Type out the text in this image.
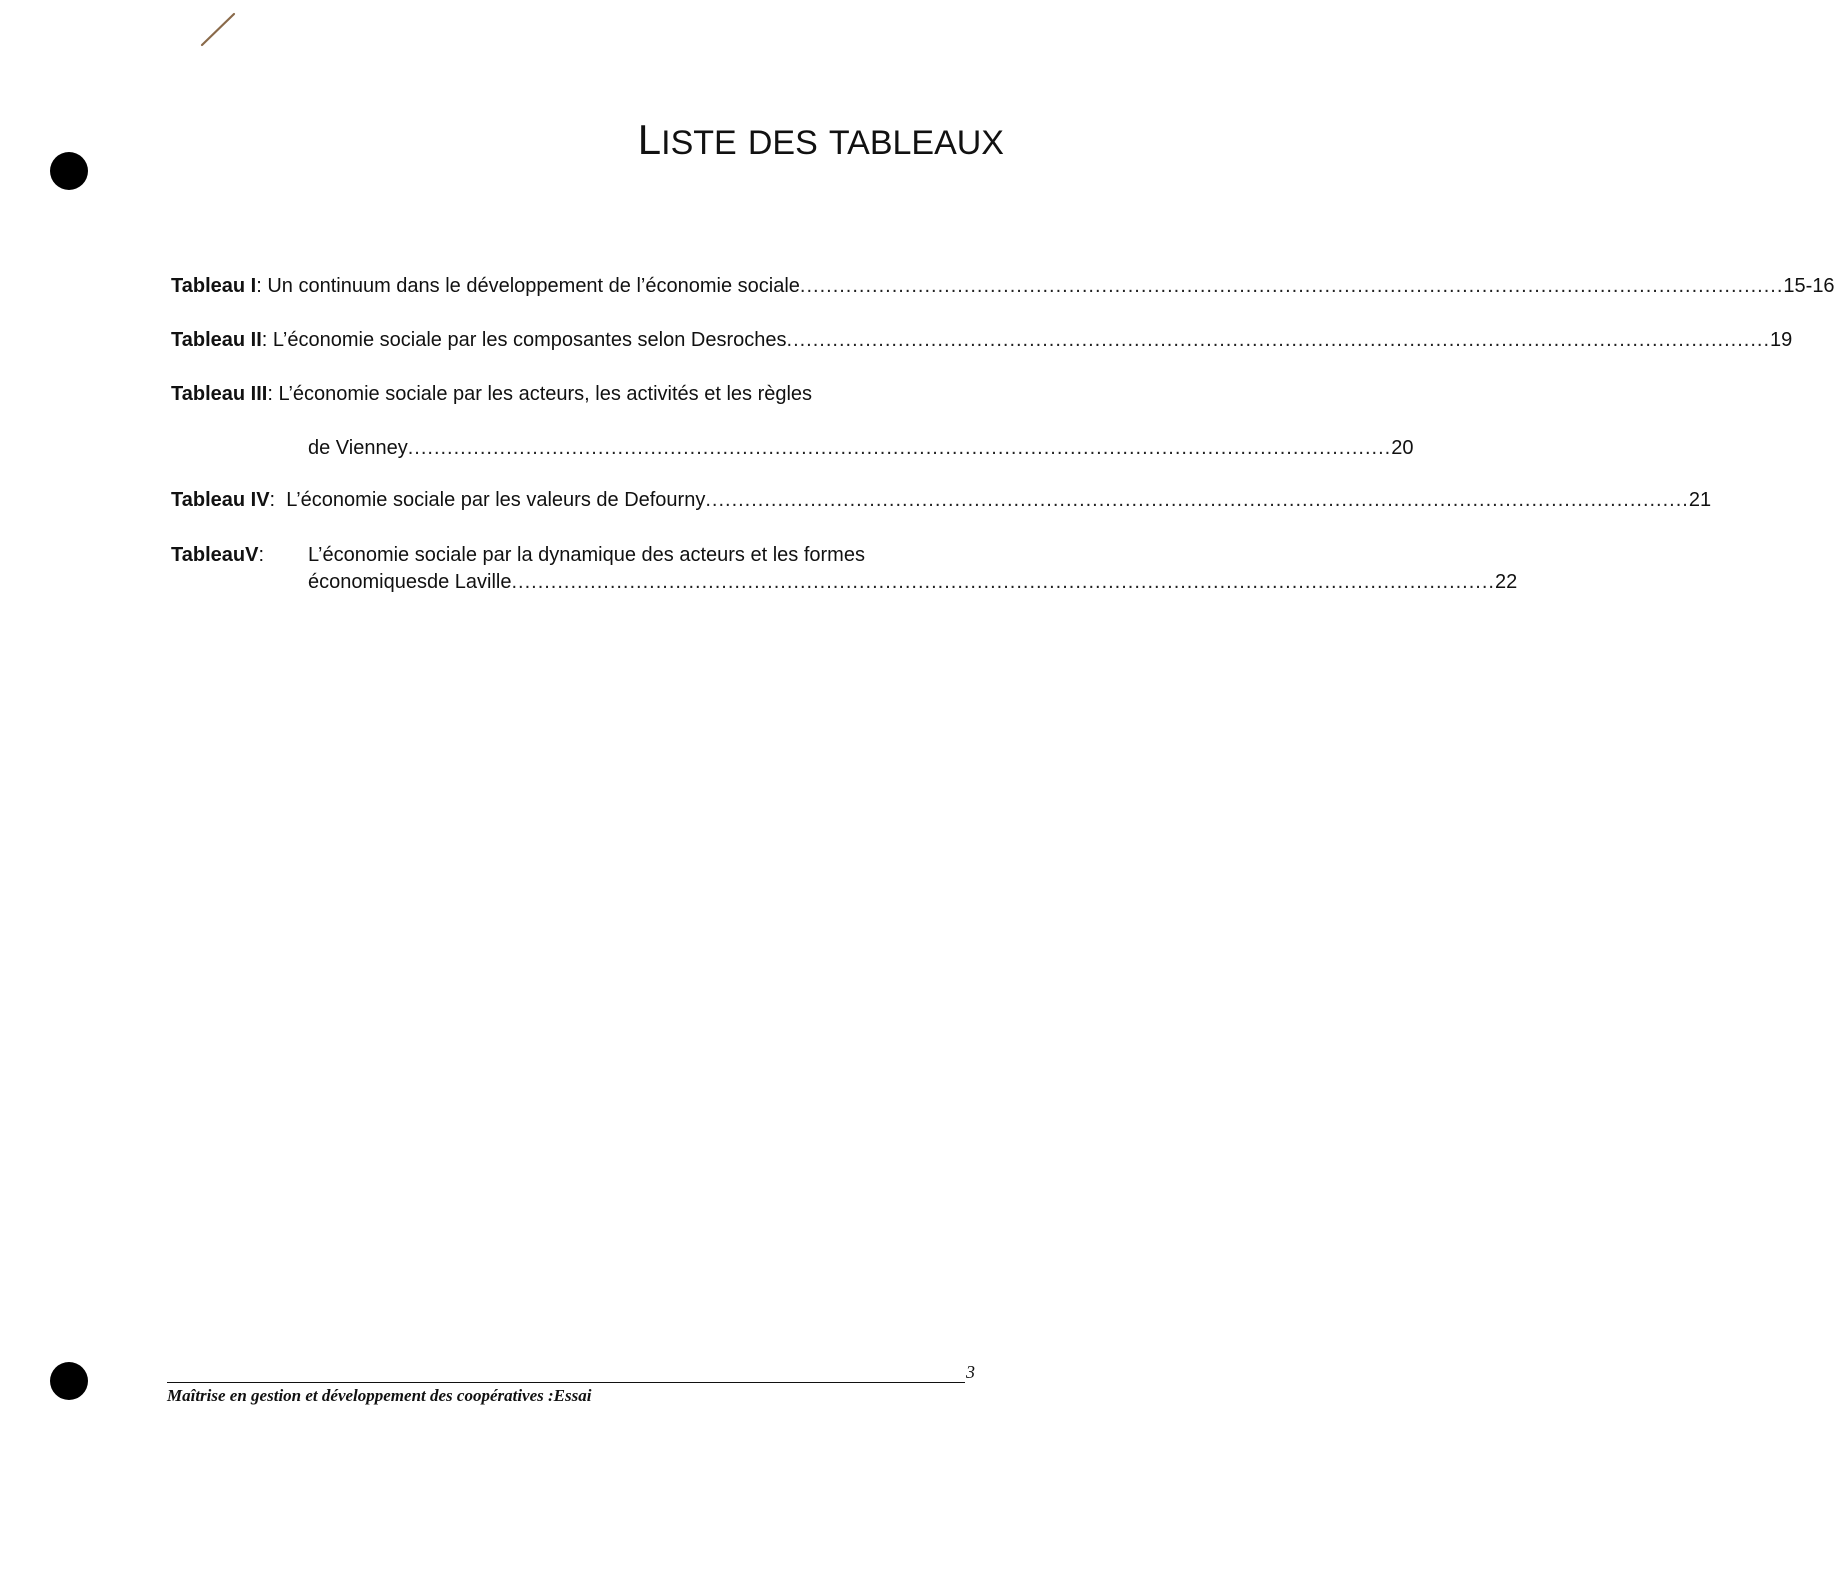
LISTE DES TABLEAUX
Tableau I: Un continuum dans le développement de l’économie sociale ...................................................................................................................................................... 15-16
Tableau II: L’économie sociale par les composantes selon Desroches ...................................................................................................................................................... 19
Tableau III: L’économie sociale par les acteurs, les activités et les règles
de Vienney ...................................................................................................................................................... 20
Tableau IV:  L’économie sociale par les valeurs de Defourny ...................................................................................................................................................... 21
TableauV: L’économie sociale par la dynamique des acteurs et les formes
économiquesde Laville ...................................................................................................................................................... 22
3
Maîtrise en gestion et développement des coopératives :Essai
